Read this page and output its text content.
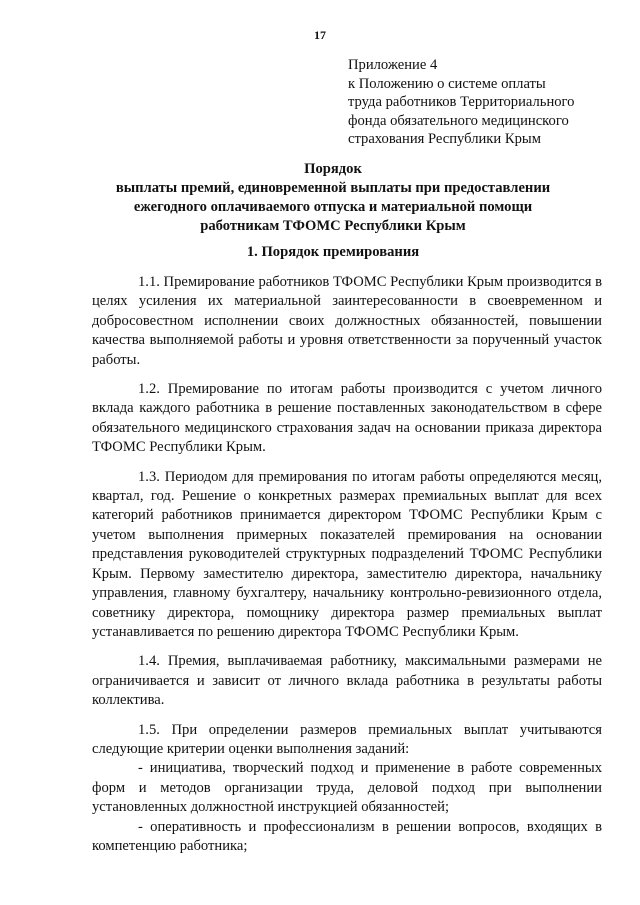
17
Приложение 4
к Положению о системе оплаты
труда работников Территориального
фонда обязательного медицинского
страхования Республики Крым
Порядок
выплаты премий, единовременной выплаты при предоставлении
ежегодного оплачиваемого отпуска и материальной помощи
работникам ТФОМС Республики Крым
1. Порядок премирования

1.1. Премирование работников ТФОМС Республики Крым производится в целях усиления их материальной заинтересованности в своевременном и добросовестном исполнении своих должностных обязанностей, повышении качества выполняемой работы и уровня ответственности за порученный участок работы.

1.2. Премирование по итогам работы производится с учетом личного вклада каждого работника в решение поставленных законодательством в сфере обязательного медицинского страхования задач на основании приказа директора ТФОМС Республики Крым.

1.3. Периодом для премирования по итогам работы определяются месяц, квартал, год. Решение о конкретных размерах премиальных выплат для всех категорий работников принимается директором ТФОМС Республики Крым с учетом выполнения примерных показателей премирования на основании представления руководителей структурных подразделений ТФОМС Республики Крым. Первому заместителю директора, заместителю директора, начальнику управления, главному бухгалтеру, начальнику контрольно-ревизионного отдела, советнику директора, помощнику директора размер премиальных выплат устанавливается по решению директора ТФОМС Республики Крым.

1.4. Премия, выплачиваемая работнику, максимальными размерами не ограничивается и зависит от личного вклада работника в результаты работы коллектива.

1.5. При определении размеров премиальных выплат учитываются следующие критерии оценки выполнения заданий:

- инициатива, творческий подход и применение в работе современных форм и методов организации труда, деловой подход при выполнении установленных должностной инструкцией обязанностей;

- оперативность и профессионализм в решении вопросов, входящих в компетенцию работника;
